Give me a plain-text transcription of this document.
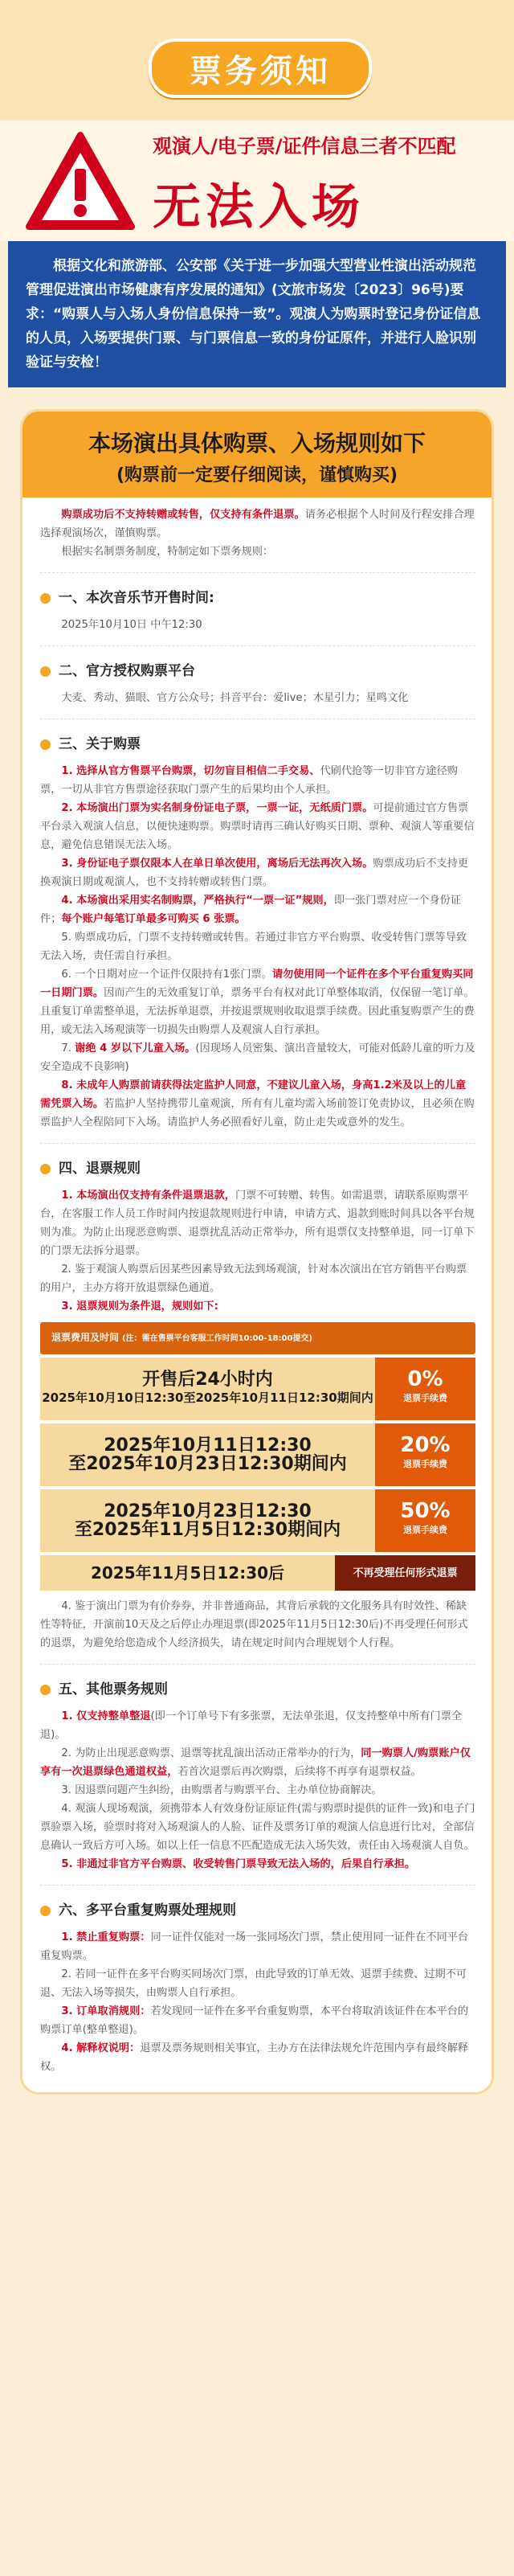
票务须知
观演人/电子票/证件信息三者不匹配
无法入场
根据文化和旅游部、公安部《关于进一步加强大型营业性演出活动规范管理促进演出市场健康有序发展的通知》(文旅市场发〔2023〕96号)要求：“购票人与入场人身份信息保持一致”。观演人为购票时登记身份证信息的人员，入场要提供门票、与门票信息一致的身份证原件，并进行人脸识别验证与安检！
本场演出具体购票、入场规则如下
(购票前一定要仔细阅读，谨慎购买)

购票成功后不支持转赠或转售，仅支持有条件退票。请务必根据个人时间及行程安排合理选择观演场次，谨慎购票。

根据实名制票务制度，特制定如下票务规则：

一、本次音乐节开售时间:

2025年10月10日 中午12:30

二、官方授权购票平台

大麦、秀动、猫眼、官方公众号；抖音平台：爱live；木星引力；星鸣文化

三、关于购票

1. 选择从官方售票平台购票，切勿盲目相信二手交易、代刷代抢等一切非官方途径购票，一切从非官方售票途径获取门票产生的后果均由个人承担。

2. 本场演出门票为实名制身份证电子票，一票一证，无纸质门票。可提前通过官方售票平台录入观演人信息，以便快速购票。购票时请再三确认好购买日期、票种、观演人等重要信息，避免信息错误无法入场。

3. 身份证电子票仅限本人在单日单次使用，离场后无法再次入场。购票成功后不支持更换观演日期或观演人，也不支持转赠或转售门票。

4. 本场演出采用实名制购票，严格执行“一票一证”规则，即一张门票对应一个身份证件；每个账户每笔订单最多可购买 6 张票。

5. 购票成功后，门票不支持转赠或转售。若通过非官方平台购票、收受转售门票等导致无法入场，责任需自行承担。

6. 一个日期对应一个证件仅限持有1张门票。请勿使用同一个证件在多个平台重复购买同一日期门票。因而产生的无效重复订单，票务平台有权对此订单整体取消，仅保留一笔订单。且重复订单需整单退，无法拆单退票，并按退票规则收取退票手续费。因此重复购票产生的费用，或无法入场观演等一切损失由购票人及观演人自行承担。

7. 谢绝 4 岁以下儿童入场。(因现场人员密集、演出音量较大，可能对低龄儿童的听力及安全造成不良影响)

8. 未成年人购票前请获得法定监护人同意，不建议儿童入场，身高1.2米及以上的儿童需凭票入场。若监护人坚持携带儿童观演，所有有儿童均需入场前签订免责协议，且必须在购票监护人全程陪同下入场。请监护人务必照看好儿童，防止走失或意外的发生。

四、退票规则

1. 本场演出仅支持有条件退票退款，门票不可转赠、转售。如需退票，请联系原购票平台，在客服工作人员工作时间内按退款规则进行申请，申请方式、退款到账时间具以各平台规则为准。为防止出现恶意购票、退票扰乱活动正常举办，所有退票仅支持整单退，同一订单下的门票无法拆分退票。

2. 鉴于观演人购票后因某些因素导致无法到场观演，针对本次演出在官方销售平台购票的用户，主办方将开放退票绿色通道。

3. 退票规则为条件退，规则如下:

退票费用及时间 (注：需在售票平台客服工作时间10:00-18:00提交)
开售后24小时内
2025年10月10日12:30至2025年10月11日12:30期间内
0%
退票手续费
2025年10月11日12:30
至2025年10月23日12:30期间内
20%
退票手续费
2025年10月23日12:30
至2025年11月5日12:30期间内
50%
退票手续费
2025年11月5日12:30后	不再受理任何形式退票

4. 鉴于演出门票为有价券券，并非普通商品，其背后承载的文化服务具有时效性、稀缺性等特征，开演前10天及之后停止办理退票(即2025年11月5日12:30后)不再受理任何形式的退票，为避免给您造成个人经济损失，请在规定时间内合理规划个人行程。

五、其他票务规则

1. 仅支持整单整退(即一个订单号下有多张票，无法单张退，仅支持整单中所有门票全退)。

2. 为防止出现恶意购票、退票等扰乱演出活动正常举办的行为，同一购票人/购票账户仅享有一次退票绿色通道权益，若首次退票后再次购票，后续将不再享有退票权益。

3. 因退票问题产生纠纷，由购票者与购票平台、主办单位协商解决。

4. 观演人现场观演，须携带本人有效身份证原证件(需与购票时提供的证件一致)和电子门票验票入场，验票时将对入场观演人的人脸、证件及票务订单的观演人信息进行比对，全部信息确认一致后方可入场。如以上任一信息不匹配造成无法入场失效，责任由入场观演人自负。

5. 非通过非官方平台购票、收受转售门票导致无法入场的，后果自行承担。

六、多平台重复购票处理规则

1. 禁止重复购票：同一证件仅能对一场一张同场次门票，禁止使用同一证件在不同平台重复购票。

2. 若同一证件在多平台购买同场次门票，由此导致的订单无效、退票手续费、过期不可退、无法入场等损失，由购票人自行承担。

3. 订单取消规则：若发现同一证件在多平台重复购票，本平台将取消该证件在本平台的购票订单(整单整退)。

4. 解释权说明：退票及票务规则相关事宜，主办方在法律法规允许范围内享有最终解释权。
